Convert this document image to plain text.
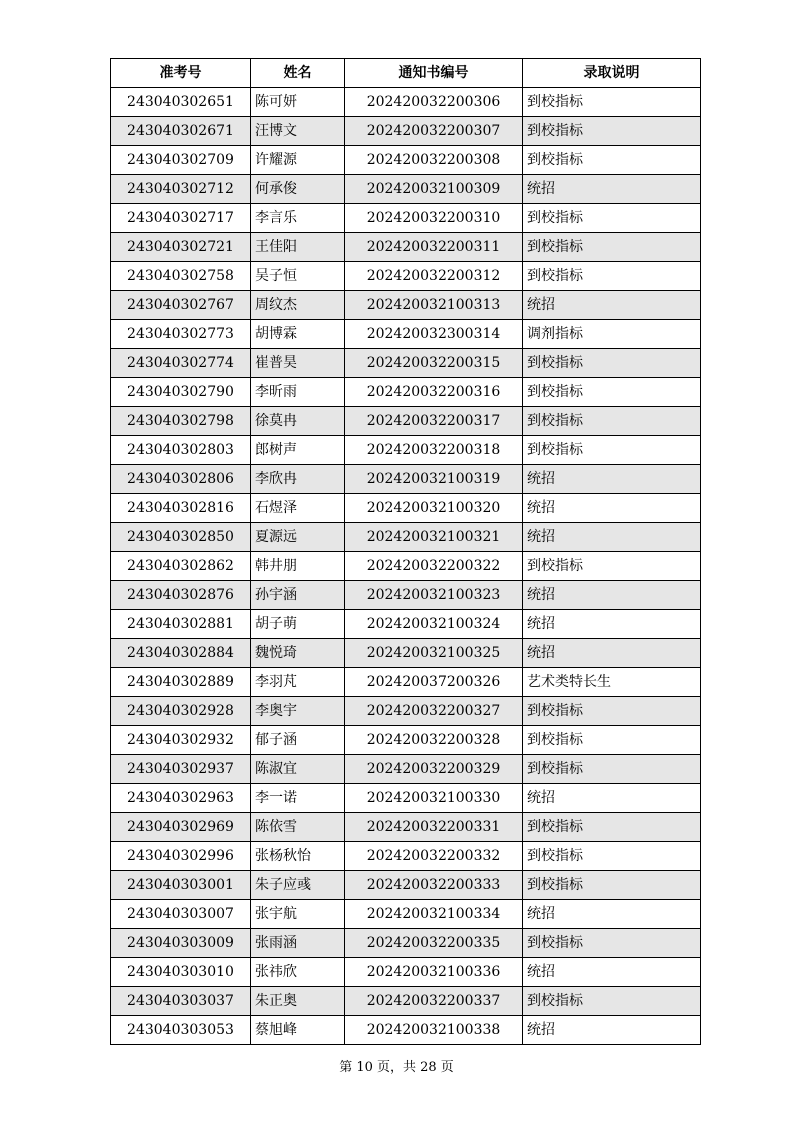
准考号	姓名	通知书编号	录取说明
243040302651	陈可妍	202420032200306	到校指标
243040302671	汪博文	202420032200307	到校指标
243040302709	许耀源	202420032200308	到校指标
243040302712	何承俊	202420032100309	统招
243040302717	李言乐	202420032200310	到校指标
243040302721	王佳阳	202420032200311	到校指标
243040302758	吴子恒	202420032200312	到校指标
243040302767	周纹杰	202420032100313	统招
243040302773	胡博霖	202420032300314	调剂指标
243040302774	崔普昊	202420032200315	到校指标
243040302790	李昕雨	202420032200316	到校指标
243040302798	徐莫冉	202420032200317	到校指标
243040302803	郎树声	202420032200318	到校指标
243040302806	李欣冉	202420032100319	统招
243040302816	石煜泽	202420032100320	统招
243040302850	夏源远	202420032100321	统招
243040302862	韩井朋	202420032200322	到校指标
243040302876	孙宇涵	202420032100323	统招
243040302881	胡子萌	202420032100324	统招
243040302884	魏悦琦	202420032100325	统招
243040302889	李羽芃	202420037200326	艺术类特长生
243040302928	李奥宇	202420032200327	到校指标
243040302932	郁子涵	202420032200328	到校指标
243040302937	陈淑宜	202420032200329	到校指标
243040302963	李一诺	202420032100330	统招
243040302969	陈依雪	202420032200331	到校指标
243040302996	张杨秋怡	202420032200332	到校指标
243040303001	朱子应彧	202420032200333	到校指标
243040303007	张宇航	202420032100334	统招
243040303009	张雨涵	202420032200335	到校指标
243040303010	张祎欣	202420032100336	统招
243040303037	朱正奥	202420032200337	到校指标
243040303053	蔡旭峰	202420032100338	统招
第 10 页，共 28 页
